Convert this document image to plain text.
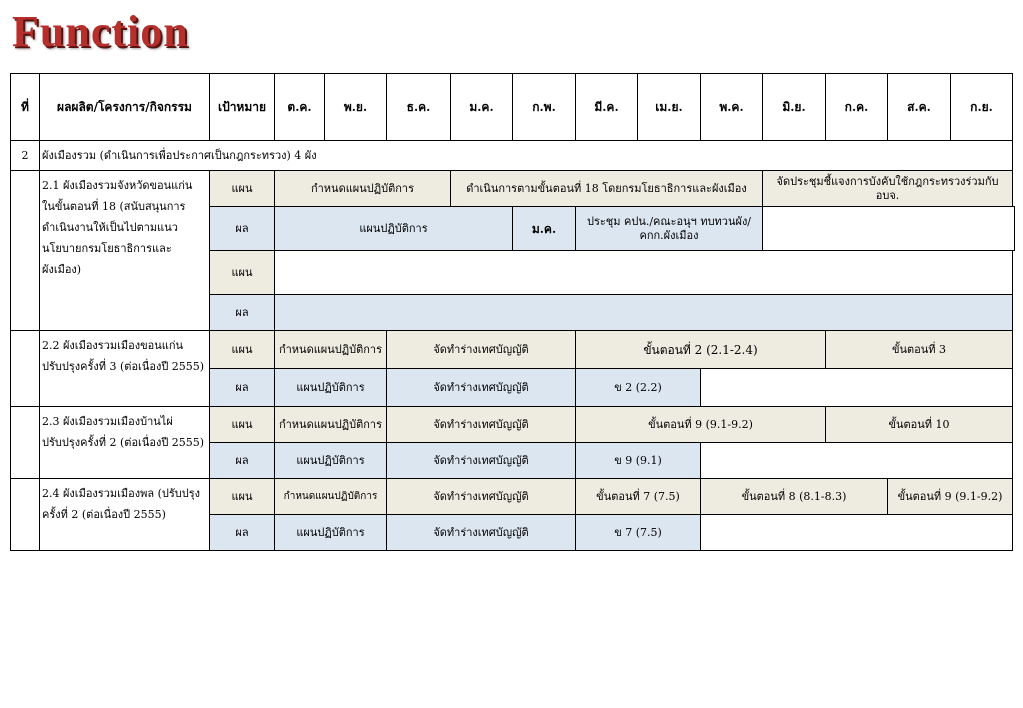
Function
ที่	ผลผลิต/โครงการ/กิจกรรม	เป้าหมาย	ต.ค.	พ.ย.	ธ.ค.	ม.ค.	ก.พ.	มี.ค.	เม.ย.	พ.ค.	มิ.ย.	ก.ค.	ส.ค.	ก.ย.
2	ผังเมืองรวม (ดำเนินการเพื่อประกาศเป็นกฎกระทรวง) 4 ผัง													
	2.1 ผังเมืองรวมจังหวัดขอนแก่น ในขั้นตอนที่ 18 (สนับสนุนการดำเนินงานให้เป็นไปตามแนวนโยบายกรมโยธาธิการและผังเมือง)	แผน	กำหนดแผนปฏิบัติการ			ดำเนินการตามขั้นตอนที่ 18 โดยกรมโยธาธิการและผังเมือง					จัดประชุมชี้แจงการบังคับใช้กฎกระทรวงร่วมกับ อบจ.			
		ผล	แผนปฏิบัติการ				ม.ค.	ประชุม คปน./คณะอนุฯ ทบทวนผัง/คกก.ผังเมือง						
		แผน												
		ผล												
	2.2 ผังเมืองรวมเมืองขอนแก่น ปรับปรุงครั้งที่ 3 (ต่อเนื่องปี 2555)	แผน	กำหนดแผนปฏิบัติการ		จัดทำร่างเทศบัญญัติ			ขั้นตอนที่ 2 (2.1-2.4)				ขั้นตอนที่ 3		
		ผล	แผนปฏิบัติการ		จัดทำร่างเทศบัญญัติ			ข 2 (2.2)						
	2.3 ผังเมืองรวมเมืองบ้านไผ่ ปรับปรุงครั้งที่ 2 (ต่อเนื่องปี 2555)	แผน	กำหนดแผนปฏิบัติการ		จัดทำร่างเทศบัญญัติ			ขั้นตอนที่ 9 (9.1-9.2)				ขั้นตอนที่ 10		
		ผล	แผนปฏิบัติการ		จัดทำร่างเทศบัญญัติ			ข 9 (9.1)						
	2.4 ผังเมืองรวมเมืองพล (ปรับปรุงครั้งที่ 2 (ต่อเนื่องปี 2555)	แผน	กำหนดแผนปฏิบัติการ		จัดทำร่างเทศบัญญัติ			ขั้นตอนที่ 7 (7.5)		ขั้นตอนที่ 8 (8.1-8.3)			ขั้นตอนที่ 9 (9.1-9.2)	
		ผล	แผนปฏิบัติการ		จัดทำร่างเทศบัญญัติ			ข 7 (7.5)						
